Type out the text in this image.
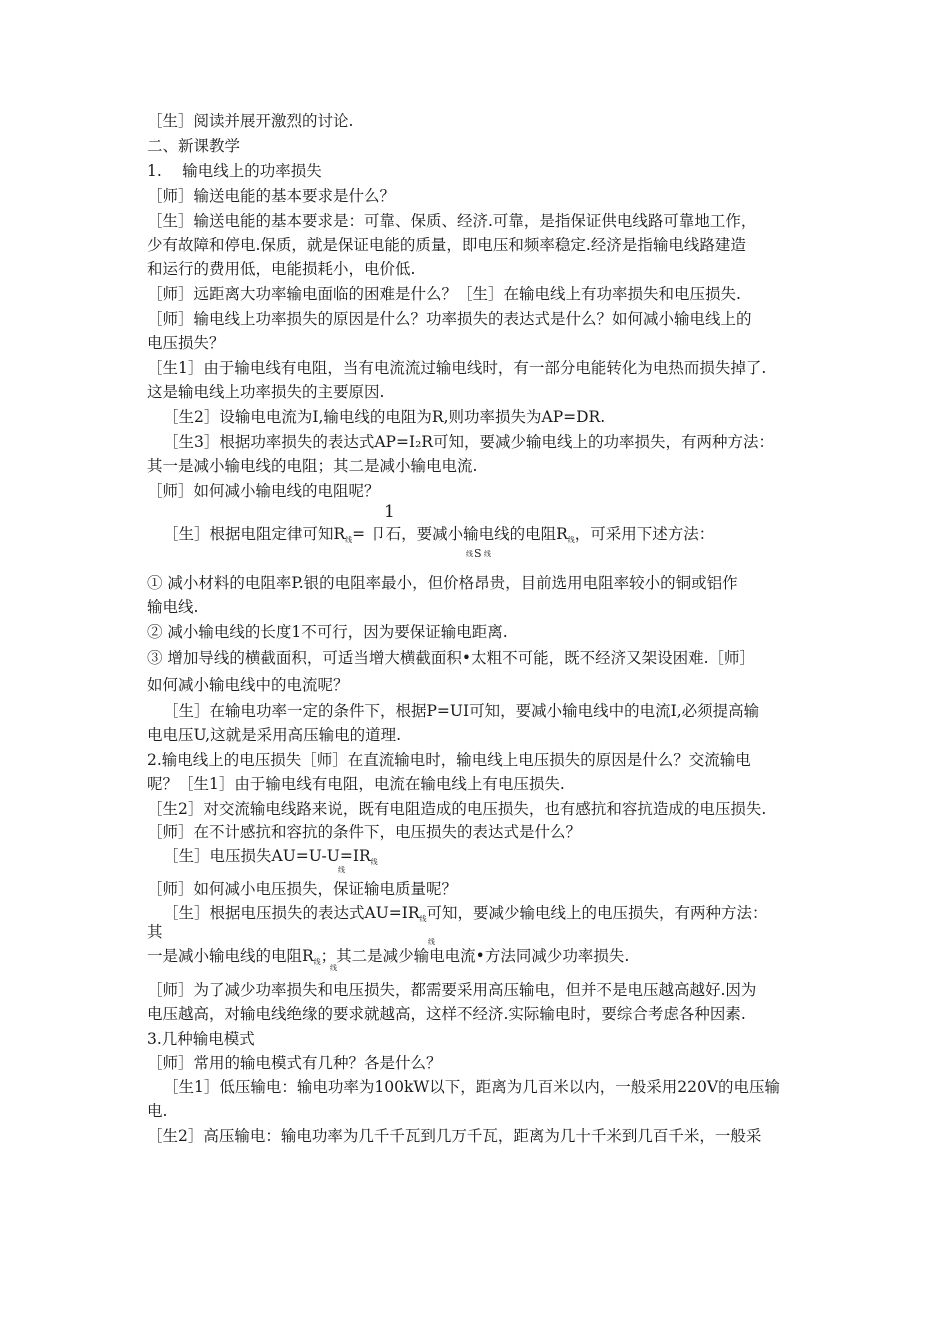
［生］阅读并展开激烈的讨论.
二、新课教学
1.　 输电线上的功率损失
［师］输送电能的基本要求是什么？
［生］输送电能的基本要求是：可靠、保质、经济.可靠，是指保证供电线路可靠地工作，
少有故障和停电.保质，就是保证电能的质量，即电压和频率稳定.经济是指输电线路建造
和运行的费用低，电能损耗小，电价低.
［师］远距离大功率输电面临的困难是什么？［生］在输电线上有功率损失和电压损失.
［师］输电线上功率损失的原因是什么？功率损失的表达式是什么？如何减小输电线上的
电压损失？
［生1］由于输电线有电阻，当有电流流过输电线时，有一部分电能转化为电热而损失掉了.
这是输电线上功率损失的主要原因.
［生2］设输电电流为I,输电线的电阻为R,则功率损失为AP=DR.
［生3］根据功率损失的表达式AP=I₂R可知，要减少输电线上的功率损失，有两种方法：
其一是减小输电线的电阻；其二是减小输电电流.
［师］如何减小输电线的电阻呢？
1
［生］根据电阻定律可知$R_线=$ 卩石，要减小输电线的电阻$R_线$，可采用下述方法：
线 S 线
① 减小材料的电阻率P.银的电阻率最小，但价格昂贵，目前选用电阻率较小的铜或铝作
输电线.
② 减小输电线的长度1不可行，因为要保证输电距离.
③ 增加导线的横截面积，可适当增大横截面积•太粗不可能，既不经济又架设困难.［师］
如何减小输电线中的电流呢？
［生］在输电功率一定的条件下，根据P=UI可知，要减小输电线中的电流I,必须提高输
电电压U,这就是采用高压输电的道理.
2.输电线上的电压损失［师］在直流输电时，输电线上电压损失的原因是什么？交流输电
呢？［生1］由于输电线有电阻，电流在输电线上有电压损失.
［生2］对交流输电线路来说，既有电阻造成的电压损失，也有感抗和容抗造成的电压损失.
［师］在不计感抗和容抗的条件下，电压损失的表达式是什么？
［生］电压损失$AU=U-U=IR_线$
线
［师］如何减小电压损失，保证输电质量呢？
［生］根据电压损失的表达式$AU=IR_线$可知，要减少输电线上的电压损失，有两种方法：
其
线
一是减小输电线的电阻$R_线$；其二是减少输电电流•方法同减少功率损失.
线
［师］为了减少功率损失和电压损失，都需要采用高压输电，但并不是电压越高越好.因为
电压越高，对输电线绝缘的要求就越高，这样不经济.实际输电时，要综合考虑各种因素.
3.几种输电模式
［师］常用的输电模式有几种？各是什么？
［生1］低压输电：输电功率为100kW以下，距离为几百米以内，一般采用220V的电压输
电.
［生2］高压输电：输电功率为几千千瓦到几万千瓦，距离为几十千米到几百千米，一般采
